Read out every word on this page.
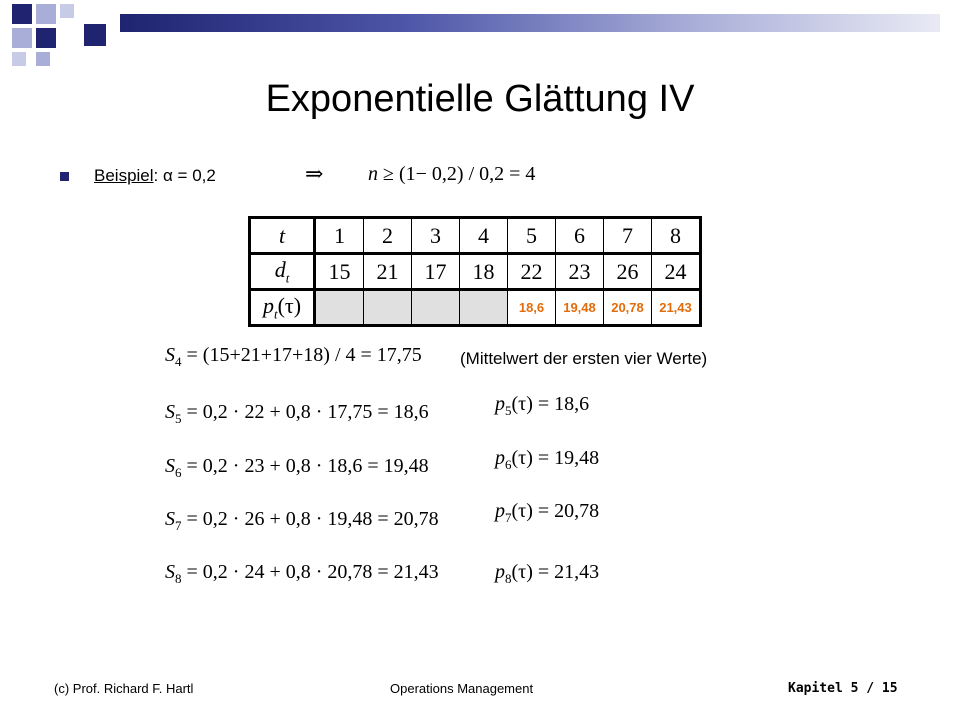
Exponentielle Glättung IV
Beispiel : α = 0,2	⇒ n ≥ (1− 0,2) / 0,2 = 4
t	1	2	3	4	5	6	7	8
$d_t$	15	21	17	18	22	23	26	24
$p_t(\tau)$					18,6	19,48	20,78	21,43
$S_4 = (15+21+17+18) / 4 = 17,75$
$S_5 = 0,2 \cdot 22 + 0,8 \cdot 17,75 = 18,6$
$S_6 = 0,2 \cdot 23 + 0,8 \cdot 18,6 = 19,48$
$S_7 = 0,2 \cdot 26 + 0,8 \cdot 19,48 = 20,78$
$S_8 = 0,2 \cdot 24 + 0,8 \cdot 20,78 = 21,43$
(Mittelwert der ersten vier Werte)
$p_5(\tau) = 18,6$
$p_6(\tau) = 19,48$
$p_7(\tau) = 20,78$
$p_8(\tau) = 21,43$
(c) Prof. Richard F. Hartl	Operations Management	Kapitel 5 / 15
